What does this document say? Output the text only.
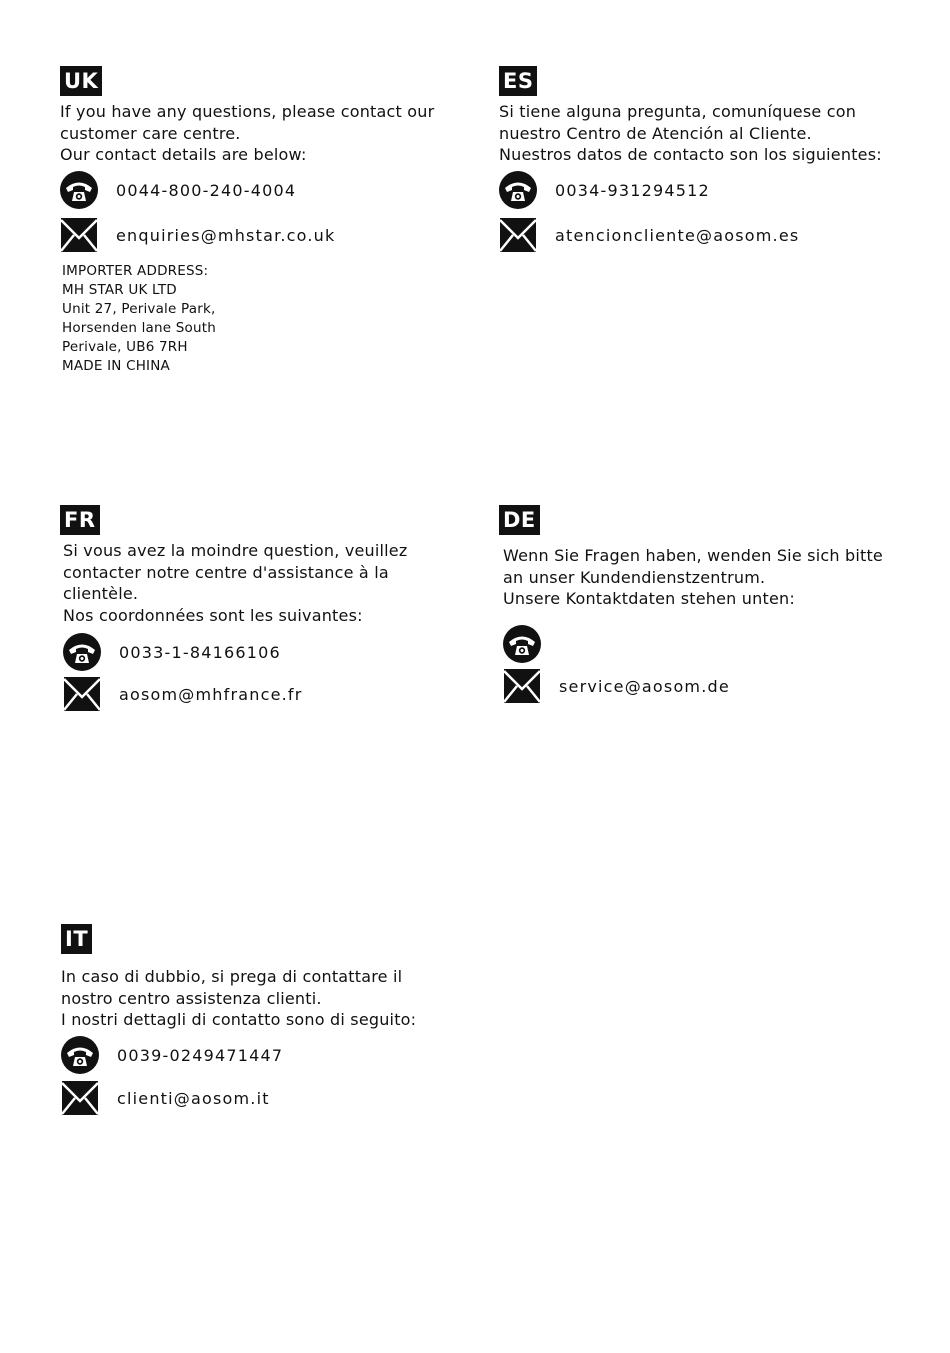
UK
If you have any questions, please contact our
customer care centre.
Our contact details are below:
0044-800-240-4004
enquiries@mhstar.co.uk
IMPORTER ADDRESS:
MH STAR UK LTD
Unit 27, Perivale Park,
Horsenden lane South
Perivale, UB6 7RH
MADE IN CHINA
ES
Si tiene alguna pregunta, comuníquese con
nuestro Centro de Atención al Cliente.
Nuestros datos de contacto son los siguientes:
0034-931294512
atencioncliente@aosom.es
FR
Si vous avez la moindre question, veuillez
contacter notre centre d'assistance à la
clientèle.
Nos coordonnées sont les suivantes:
0033-1-84166106
aosom@mhfrance.fr
DE
Wenn Sie Fragen haben, wenden Sie sich bitte
an unser Kundendienstzentrum.
Unsere Kontaktdaten stehen unten:
service@aosom.de
IT
In caso di dubbio, si prega di contattare il
nostro centro assistenza clienti.
I nostri dettagli di contatto sono di seguito:
0039-0249471447
clienti@aosom.it
